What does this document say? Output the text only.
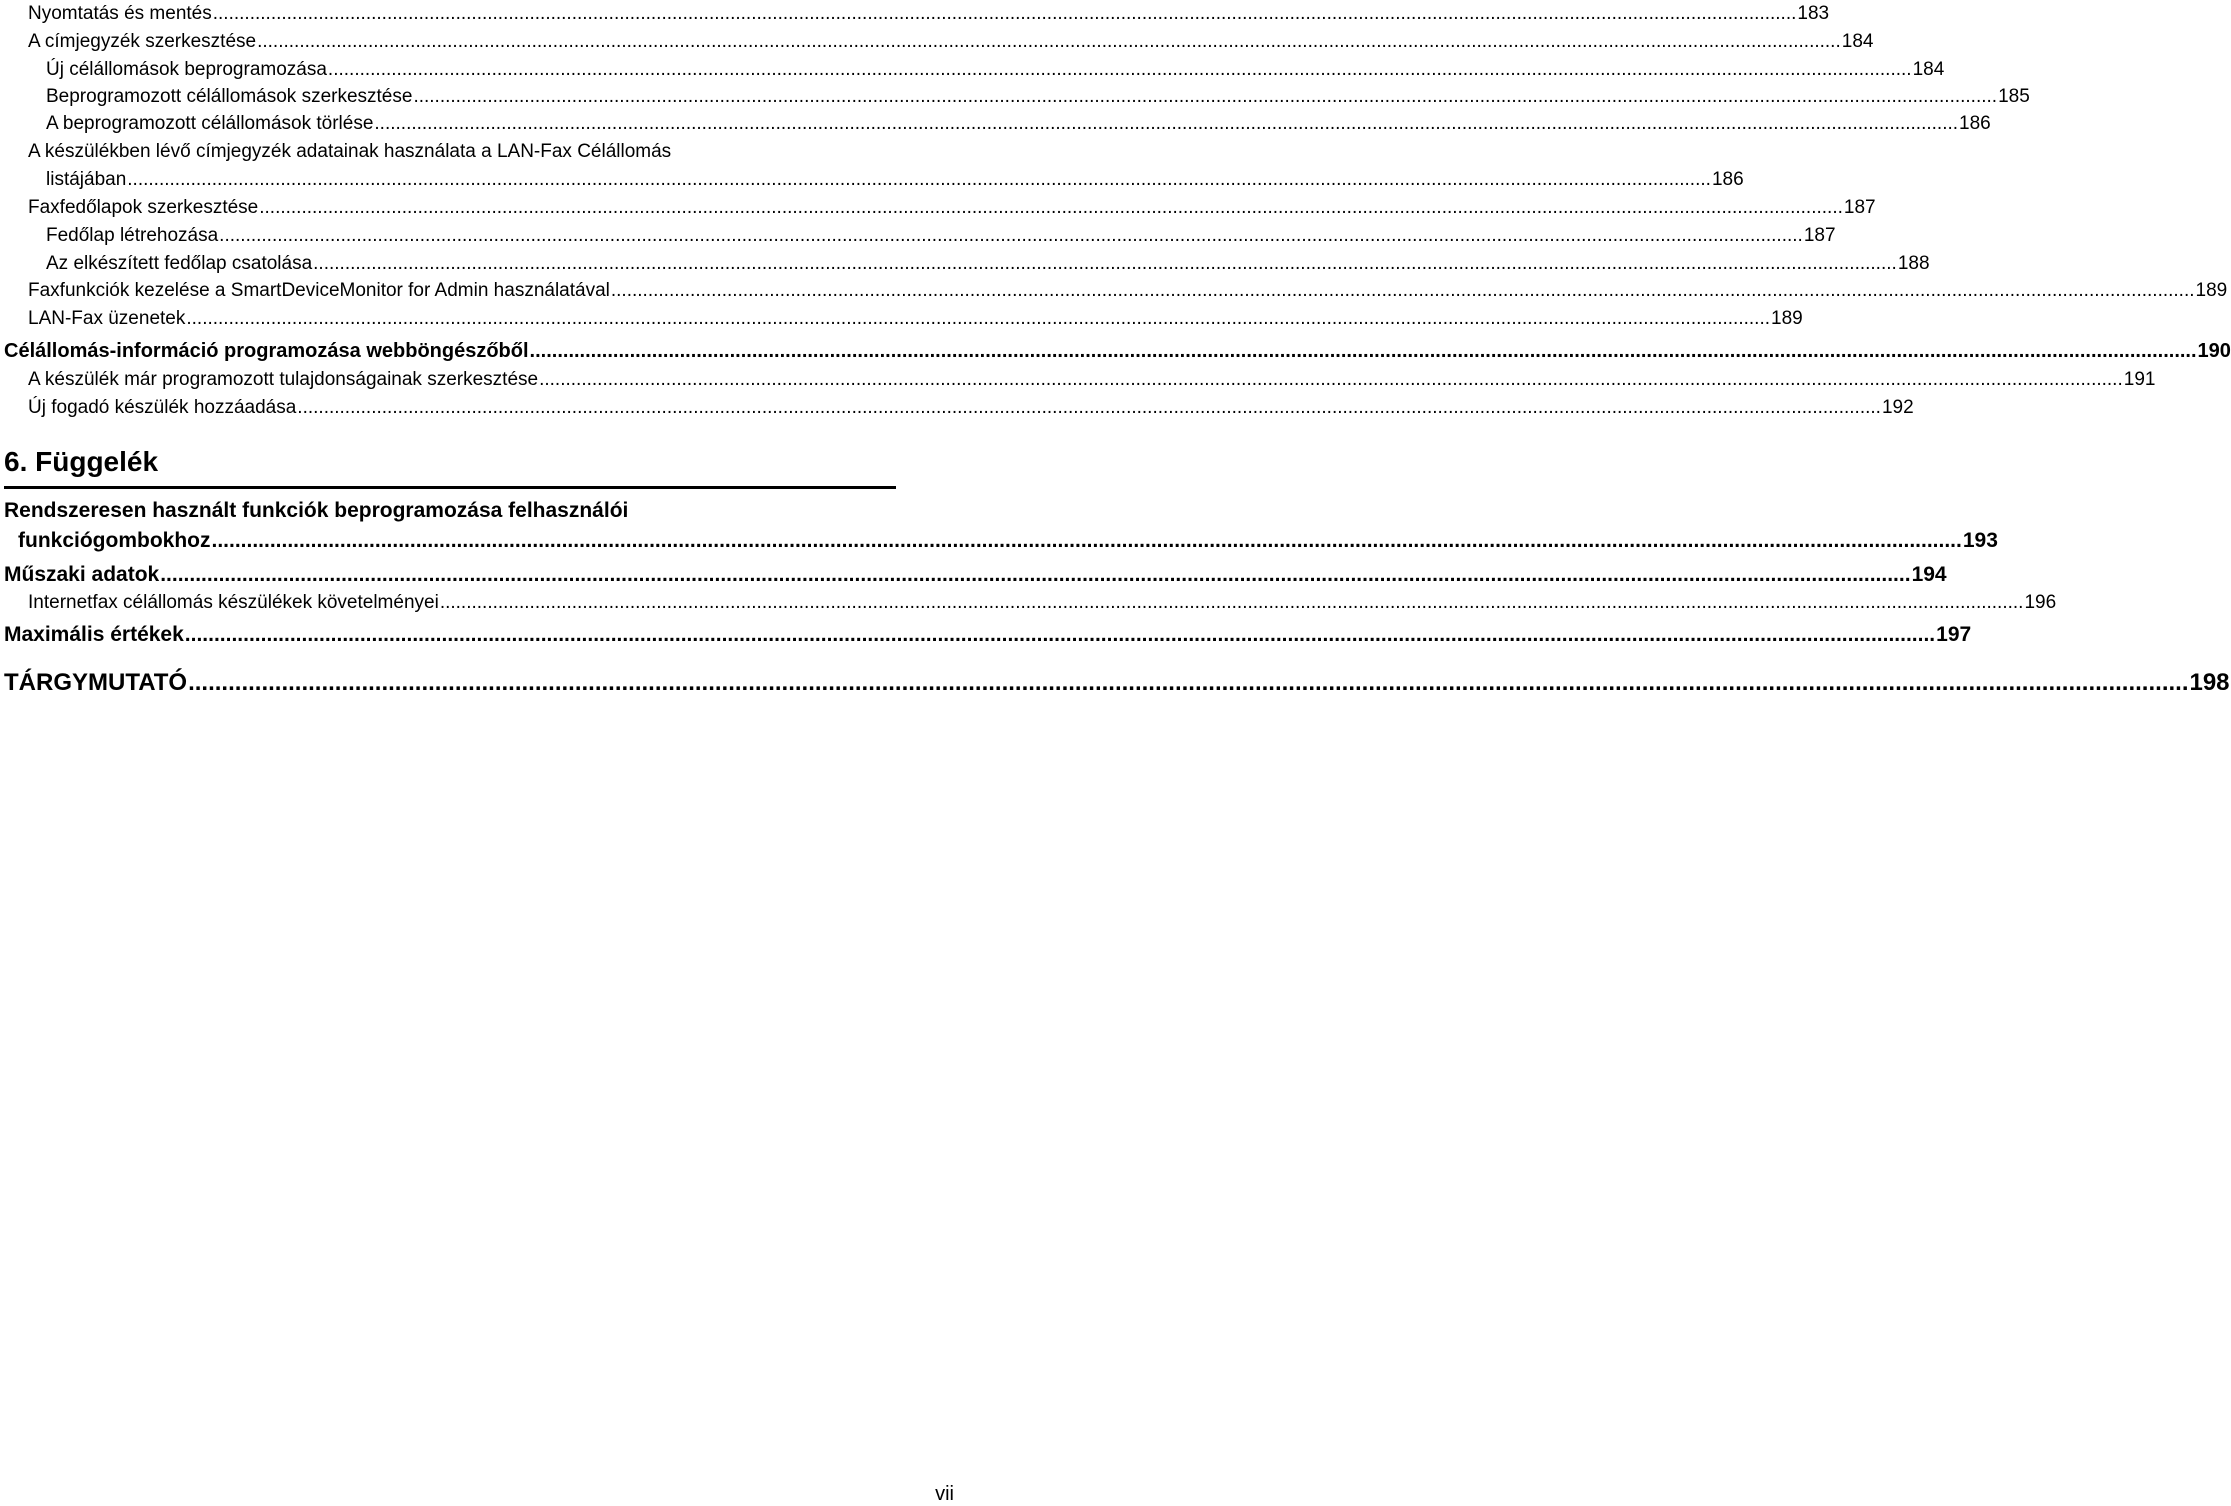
Nyomtatás és mentés ............................................................................................................................................................................................................................................................................................................ 183
A címjegyzék szerkesztése ............................................................................................................................................................................................................................................................................................................ 184
Új célállomások beprogramozása ............................................................................................................................................................................................................................................................................................................ 184
Beprogramozott célállomások szerkesztése ............................................................................................................................................................................................................................................................................................................ 185
A beprogramozott célállomások törlése ............................................................................................................................................................................................................................................................................................................ 186
A készülékben lévő címjegyzék adatainak használata a LAN-Fax Célállomás
listájában ............................................................................................................................................................................................................................................................................................................ 186
Faxfedőlapok szerkesztése ............................................................................................................................................................................................................................................................................................................ 187
Fedőlap létrehozása ............................................................................................................................................................................................................................................................................................................ 187
Az elkészített fedőlap csatolása ............................................................................................................................................................................................................................................................................................................ 188
Faxfunkciók kezelése a SmartDeviceMonitor for Admin használatával ............................................................................................................................................................................................................................................................................................................ 189
LAN-Fax üzenetek ............................................................................................................................................................................................................................................................................................................ 189
Célállomás-információ programozása webböngészőből ............................................................................................................................................................................................................................................................................................................ 190
A készülék már programozott tulajdonságainak szerkesztése ............................................................................................................................................................................................................................................................................................................ 191
Új fogadó készülék hozzáadása ............................................................................................................................................................................................................................................................................................................ 192
6. Függelék
Rendszeresen használt funkciók beprogramozása felhasználói
funkciógombokhoz ............................................................................................................................................................................................................................................................................................................ 193
Műszaki adatok ............................................................................................................................................................................................................................................................................................................ 194
Internetfax célállomás készülékek követelményei ............................................................................................................................................................................................................................................................................................................ 196
Maximális értékek ............................................................................................................................................................................................................................................................................................................ 197
TÁRGYMUTATÓ ............................................................................................................................................................................................................................................................................................................ 198
vii
